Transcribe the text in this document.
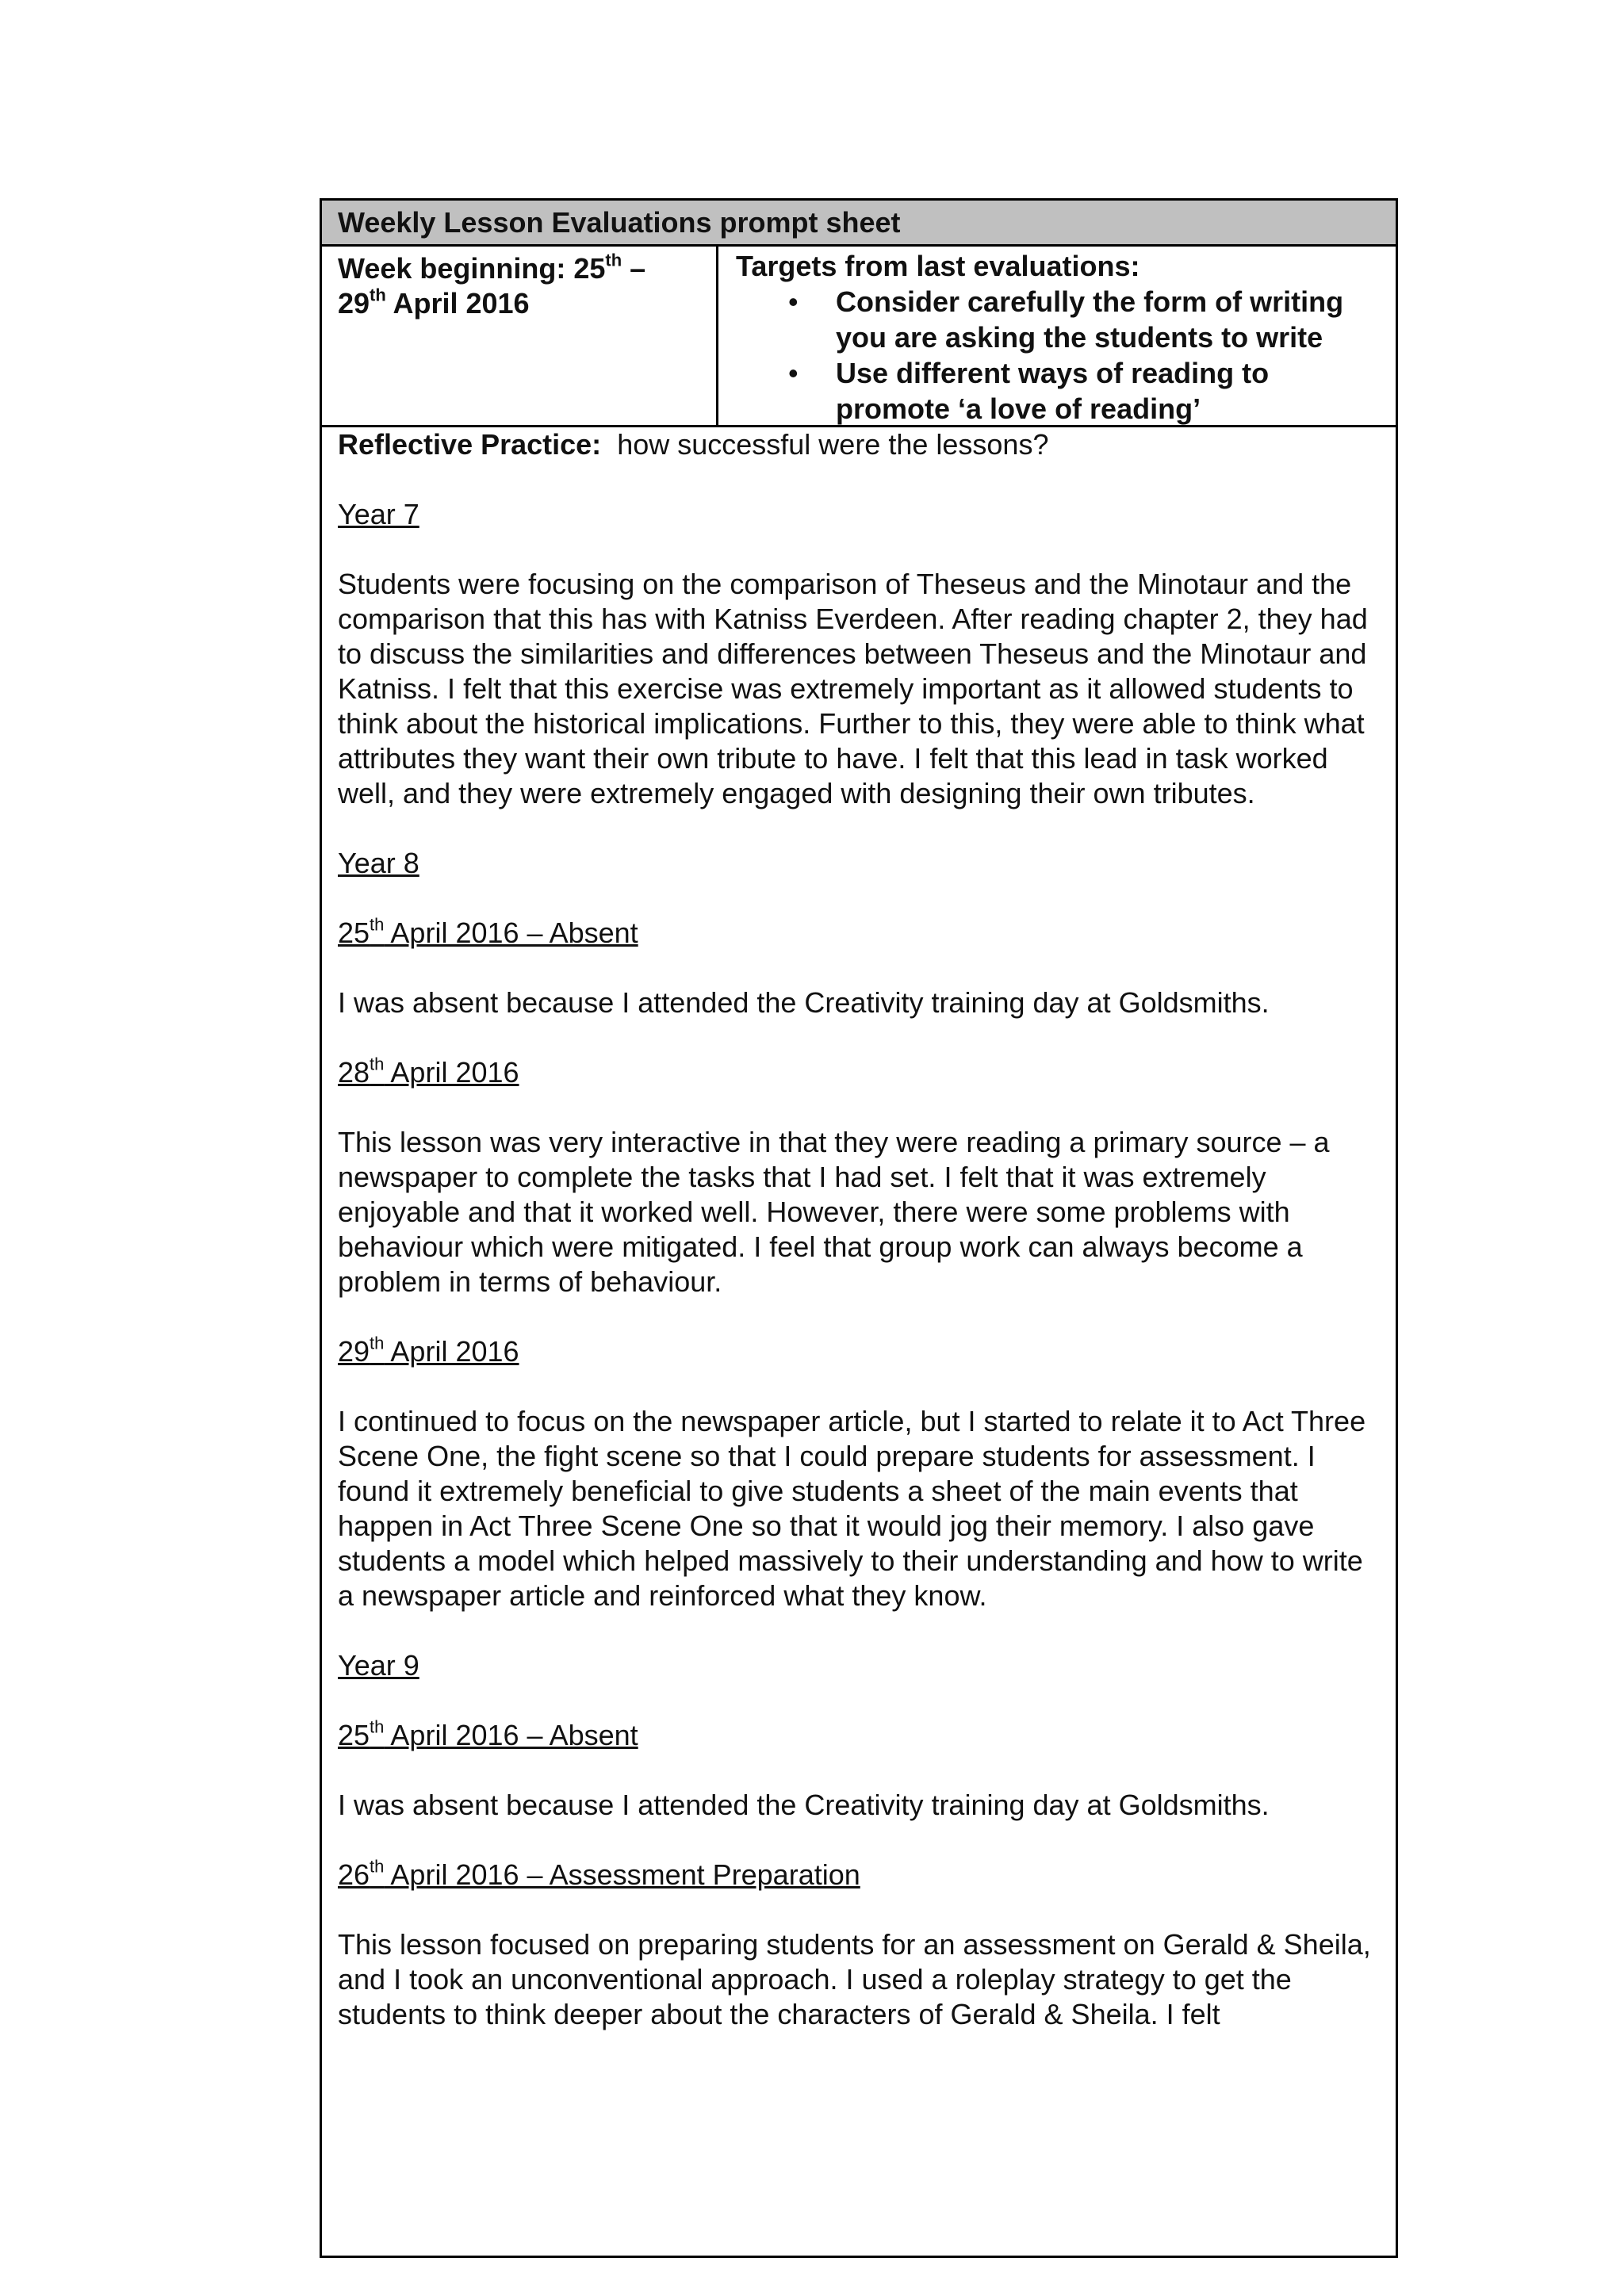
Weekly Lesson Evaluations prompt sheet
Week beginning: 25th –
29th April 2016
Targets from last evaluations:
• Consider carefully the form of writing you are asking the students to write
• Use different ways of reading to promote ‘a love of reading’

Reflective Practice:  how successful were the lessons?

Year 7

Students were focusing on the comparison of Theseus and the Minotaur and the comparison that this has with Katniss Everdeen. After reading chapter 2, they had to discuss the similarities and differences between Theseus and the Minotaur and Katniss. I felt that this exercise was extremely important as it allowed students to think about the historical implications. Further to this, they were able to think what attributes they want their own tribute to have. I felt that this lead in task worked well, and they were extremely engaged with designing their own tributes.

Year 8

25th April 2016 – Absent

I was absent because I attended the Creativity training day at Goldsmiths.

28th April 2016

This lesson was very interactive in that they were reading a primary source – a newspaper to complete the tasks that I had set. I felt that it was extremely enjoyable and that it worked well. However, there were some problems with behaviour which were mitigated. I feel that group work can always become a problem in terms of behaviour.

29th April 2016

I continued to focus on the newspaper article, but I started to relate it to Act Three Scene One, the fight scene so that I could prepare students for assessment. I found it extremely beneficial to give students a sheet of the main events that happen in Act Three Scene One so that it would jog their memory. I also gave students a model which helped massively to their understanding and how to write a newspaper article and reinforced what they know.

Year 9

25th April 2016 – Absent

I was absent because I attended the Creativity training day at Goldsmiths.

26th April 2016 – Assessment Preparation

This lesson focused on preparing students for an assessment on Gerald & Sheila, and I took an unconventional approach. I used a roleplay strategy to get the students to think deeper about the characters of Gerald & Sheila. I felt
